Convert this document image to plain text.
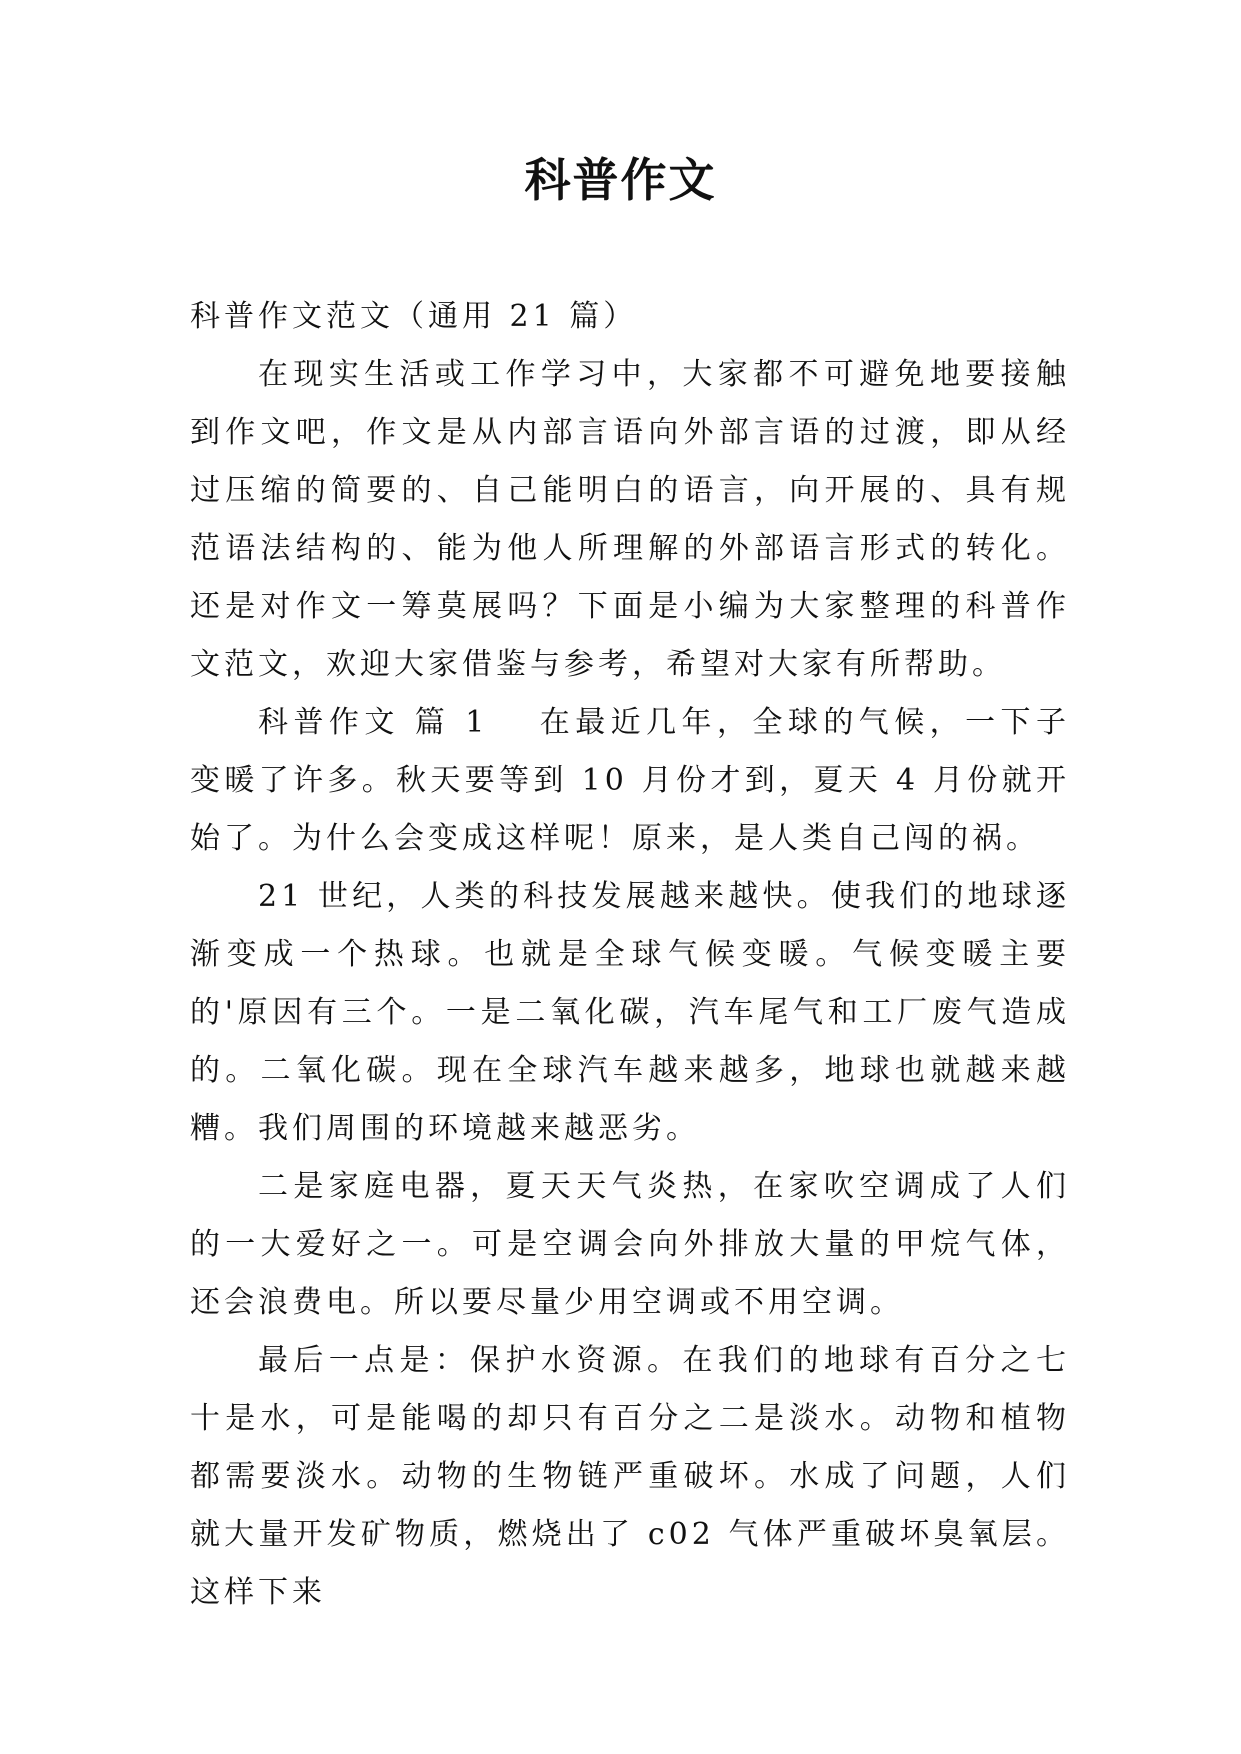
科普作文

科普作文范文（通用 21 篇）

在现实生活或工作学习中，大家都不可避免地要接触到作文吧，作文是从内部言语向外部言语的过渡，即从经过压缩的简要的、自己能明白的语言，向开展的、具有规范语法结构的、能为他人所理解的外部语言形式的转化。还是对作文一筹莫展吗？下面是小编为大家整理的科普作文范文，欢迎大家借鉴与参考，希望对大家有所帮助。

科普作文 篇 1 在最近几年，全球的气候，一下子变暖了许多。秋天要等到 10 月份才到，夏天 4 月份就开始了。为什么会变成这样呢！原来，是人类自己闯的祸。

21 世纪，人类的科技发展越来越快。使我们的地球逐渐变成一个热球。也就是全球气候变暖。气候变暖主要的'原因有三个。一是二氧化碳，汽车尾气和工厂废气造成的。二氧化碳。现在全球汽车越来越多，地球也就越来越糟。我们周围的环境越来越恶劣。

二是家庭电器，夏天天气炎热，在家吹空调成了人们的一大爱好之一。可是空调会向外排放大量的甲烷气体，还会浪费电。所以要尽量少用空调或不用空调。

最后一点是：保护水资源。在我们的地球有百分之七十是水，可是能喝的却只有百分之二是淡水。动物和植物都需要淡水。动物的生物链严重破坏。水成了问题，人们就大量开发矿物质，燃烧出了 c02 气体严重破坏臭氧层。这样下来
